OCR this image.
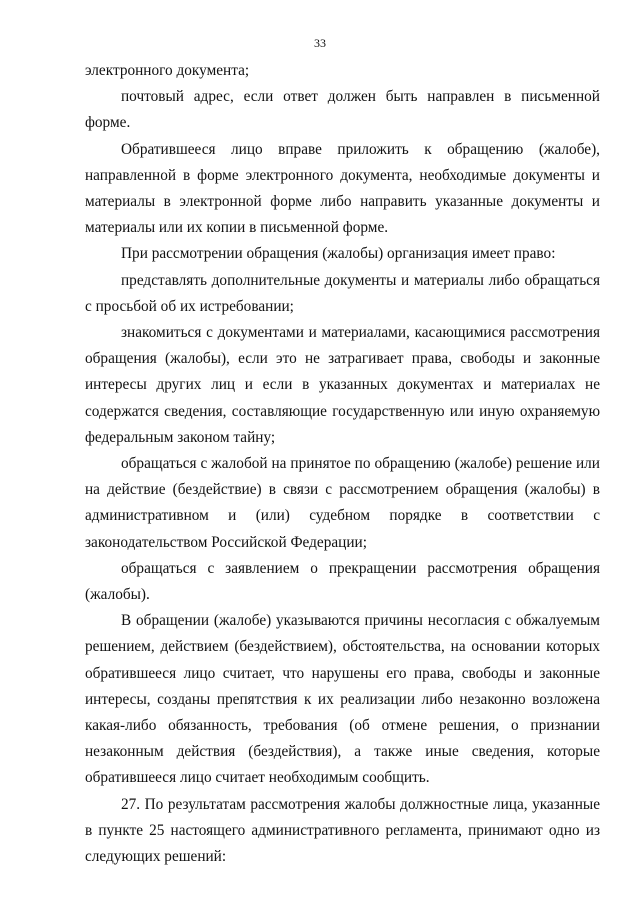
33

электронного документа;

почтовый адрес, если ответ должен быть направлен в письменной форме.

Обратившееся лицо вправе приложить к обращению (жалобе), направленной в форме электронного документа, необходимые документы и материалы в электронной форме либо направить указанные документы и материалы или их копии в письменной форме.

При рассмотрении обращения (жалобы) организация имеет право:

представлять дополнительные документы и материалы либо обращаться с просьбой об их истребовании;

знакомиться с документами и материалами, касающимися рассмотрения обращения (жалобы), если это не затрагивает права, свободы и законные интересы других лиц и если в указанных документах и материалах не содержатся сведения, составляющие государственную или иную охраняемую федеральным законом тайну;

обращаться с жалобой на принятое по обращению (жалобе) решение или на действие (бездействие) в связи с рассмотрением обращения (жалобы) в административном и (или) судебном порядке в соответствии с законодательством Российской Федерации;

обращаться с заявлением о прекращении рассмотрения обращения (жалобы).

В обращении (жалобе) указываются причины несогласия с обжалуемым решением, действием (бездействием), обстоятельства, на основании которых обратившееся лицо считает, что нарушены его права, свободы и законные интересы, созданы препятствия к их реализации либо незаконно возложена какая-либо обязанность, требования (об отмене решения, о признании незаконным действия (бездействия), а также иные сведения, которые обратившееся лицо считает необходимым сообщить.

27. По результатам рассмотрения жалобы должностные лица, указанные в пункте 25 настоящего административного регламента, принимают одно из следующих решений:
